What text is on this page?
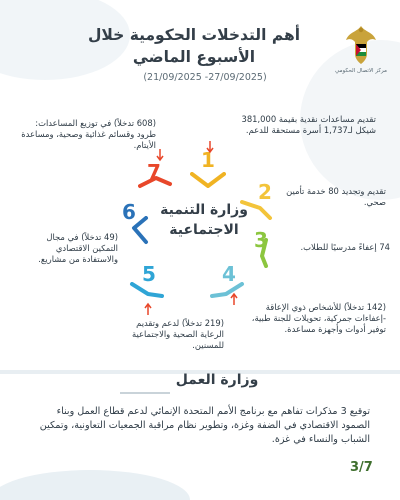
مركز الاتصال الحكومي
أهم التدخلات الحكومية خلال الأسبوع الماضي
(21/09/2025 -27/09/2025)
1
2
3
4
5
6
7
وزارة التنمية الاجتماعية
تقديم مساعدات نقدية بقيمة 381,000 شيكل لـ1,737 أسرة مستحقة للدعم.
تقديم وتجديد 80 خدمة تأمين صحي.
74 إعفاءً مدرسيًا للطلاب.
(142 تدخلاً) للأشخاص ذوي الإعاقة -إعفاءات جمركية، تحويلات للجنة طبية، توفير أدوات وأجهزة مساعدة.
(219 تدخلاً) لدعم وتقديم الرعاية الصحية والاجتماعية للمسنين.
(49 تدخلاً) في مجال التمكين الاقتصادي والاستفادة من مشاريع.
(608 تدخلاً) في توزيع المساعدات: طرود وقسائم غذائية وصحية، ومساعدة الأيتام.
وزارة العمل
توقيع 3 مذكرات تفاهم مع برنامج الأمم المتحدة الإنمائي لدعم قطاع العمل وبناء الصمود الاقتصادي في الضفة وغزة، وتطوير نظام مراقبة الجمعيات التعاونية، وتمكين الشباب والنساء في غزة.
3/7
